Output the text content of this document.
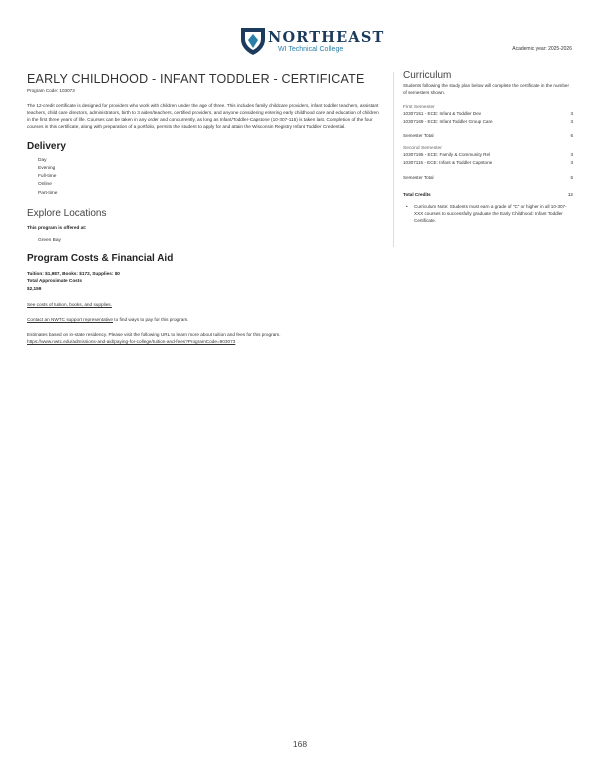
NORTHEAST
WI Technical College	Academic year: 2025-2026
EARLY CHILDHOOD - INFANT TODDLER - CERTIFICATE
Program Code: 103073
The 12-credit certificate is designed for providers who work with children under the age of three. This includes family childcare providers, infant toddler teachers, assistant teachers, child care directors, administrators, birth to 3 aides/teachers, certified providers, and anyone considering entering early childhood care and education of children in the first three years of life. Courses can be taken in any order and concurrently, as long as Infant/Toddler-Capstone (10-307-115) is taken last. Completion of the four courses in this certificate, along with preparation of a portfolio, permits the student to apply for and attain the Wisconsin Registry Infant Toddler Credential.
Delivery
Day
Evening
Full-time
Online
Part-time
Explore Locations
This program is offered at:
Green Bay
Program Costs & Financial Aid
Tuition: $1,987, Books: $172, Supplies: $0
Total Approximate Costs
$2,159
See costs of tuition, books, and supplies.
Contact an NWTC support representative to find ways to pay for this program.
Estimates based on in-state residency. Please visit the following URL to learn more about tuition and fees for this program.
https://www.nwtc.edu/admissions-and-aid/paying-for-college/tuition-and-fees?ProgramCode=903073
Curriculum
Students following the study plan below will complete the certificate in the number of semesters shown.
First Semester
10307151 - ECE: Infant & Toddler Dev	3
10307169 - ECE: Infant Toddler Group Care	3
Semester Total	6
Second Semester
10307195 - ECE: Family & Community Rel	3
10307115 - ECE: Infant & Toddler Capstone	3
Semester Total	6
Total Credits	12
• Curriculum Note: Students must earn a grade of "C" or higher in all 10-307-XXX courses to successfully graduate the Early Childhood: Infant Toddler Certificate.
168
